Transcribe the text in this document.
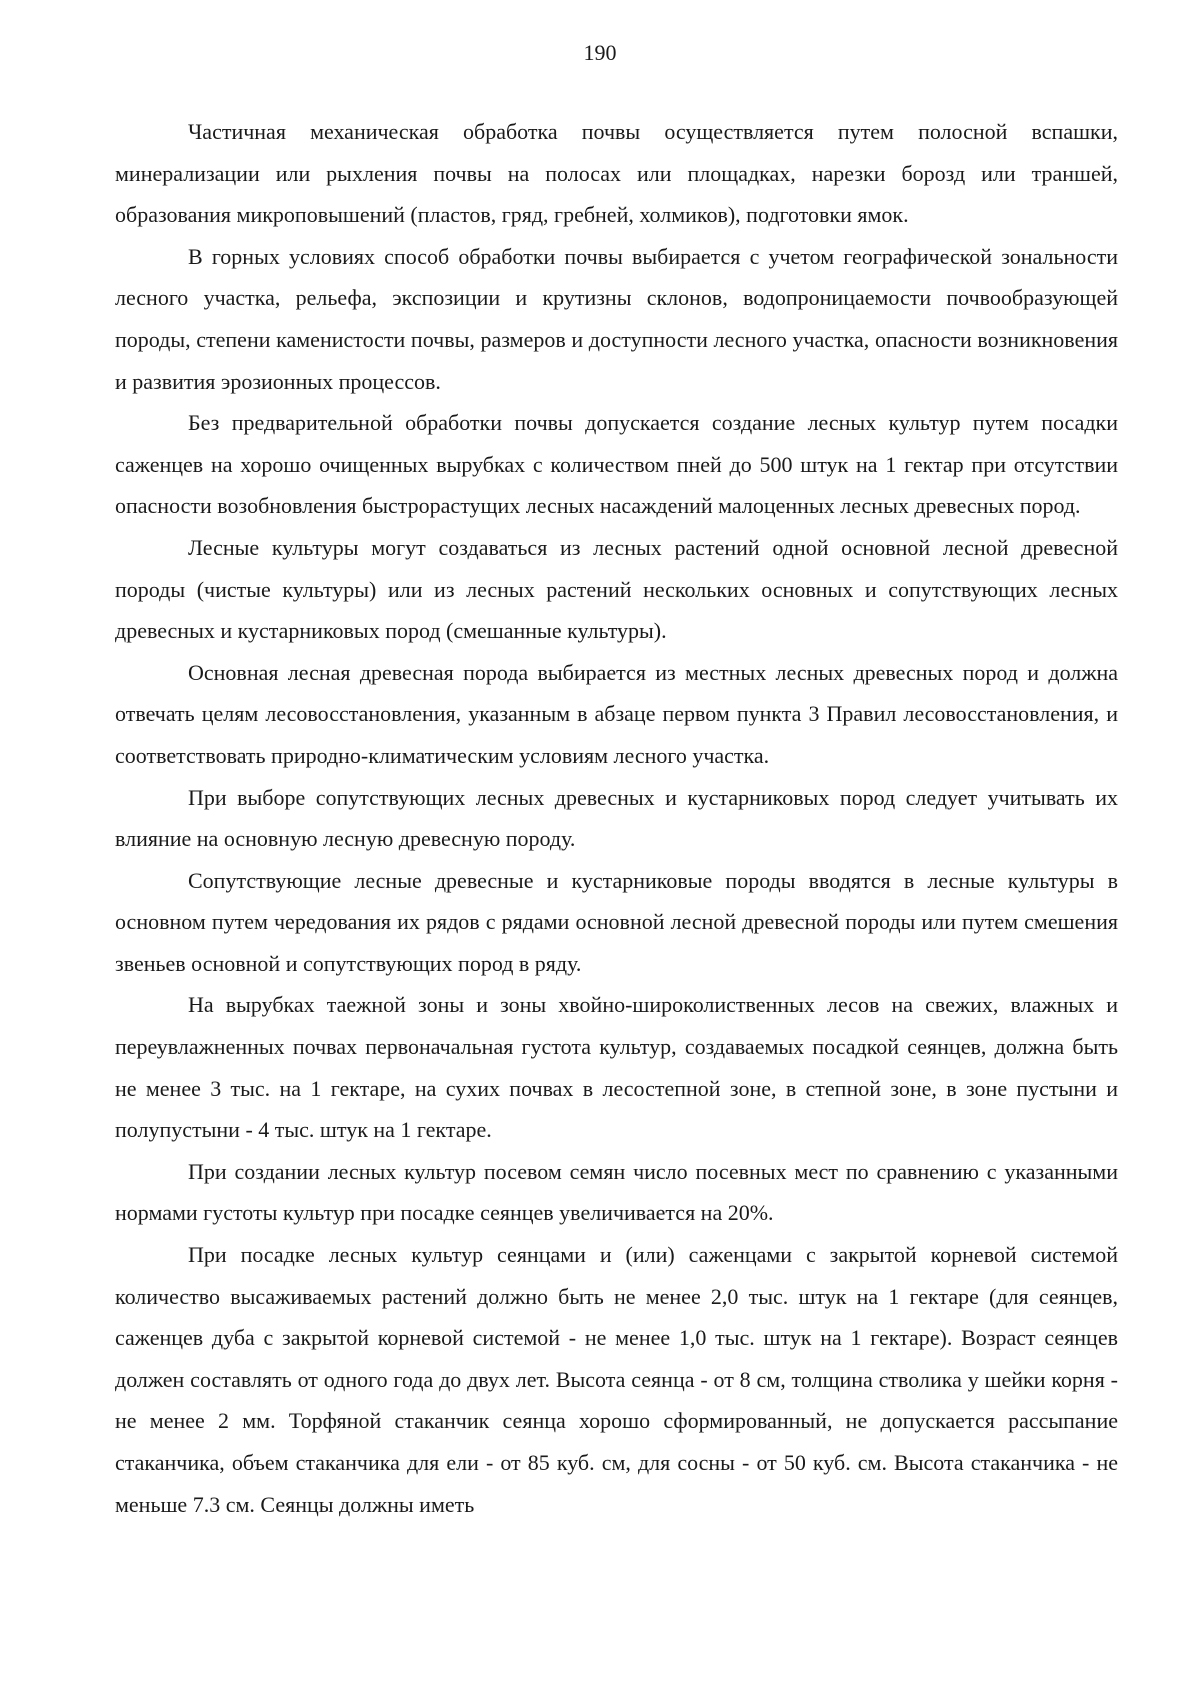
190

Частичная механическая обработка почвы осуществляется путем полосной вспашки, минерализации или рыхления почвы на полосах или площадках, нарезки борозд или траншей, образования микроповышений (пластов, гряд, гребней, холмиков), подготовки ямок.

В горных условиях способ обработки почвы выбирается с учетом географической зональности лесного участка, рельефа, экспозиции и крутизны склонов, водопроницаемости почвообразующей породы, степени каменистости почвы, размеров и доступности лесного участка, опасности возникновения и развития эрозионных процессов.

Без предварительной обработки почвы допускается создание лесных культур путем посадки саженцев на хорошо очищенных вырубках с количеством пней до 500 штук на 1 гектар при отсутствии опасности возобновления быстрорастущих лесных насаждений малоценных лесных древесных пород.

Лесные культуры могут создаваться из лесных растений одной основной лесной древесной породы (чистые культуры) или из лесных растений нескольких основных и сопутствующих лесных древесных и кустарниковых пород (смешанные культуры).

Основная лесная древесная порода выбирается из местных лесных древесных пород и должна отвечать целям лесовосстановления, указанным в абзаце первом пункта 3 Правил лесовосстановления, и соответствовать природно-климатическим условиям лесного участка.

При выборе сопутствующих лесных древесных и кустарниковых пород следует учитывать их влияние на основную лесную древесную породу.

Сопутствующие лесные древесные и кустарниковые породы вводятся в лесные культуры в основном путем чередования их рядов с рядами основной лесной древесной породы или путем смешения звеньев основной и сопутствующих пород в ряду.

На вырубках таежной зоны и зоны хвойно-широколиственных лесов на свежих, влажных и переувлажненных почвах первоначальная густота культур, создаваемых посадкой сеянцев, должна быть не менее 3 тыс. на 1 гектаре, на сухих почвах в лесостепной зоне, в степной зоне, в зоне пустыни и полупустыни - 4 тыс. штук на 1 гектаре.

При создании лесных культур посевом семян число посевных мест по сравнению с указанными нормами густоты культур при посадке сеянцев увеличивается на 20%.

При посадке лесных культур сеянцами и (или) саженцами с закрытой корневой системой количество высаживаемых растений должно быть не менее 2,0 тыс. штук на 1 гектаре (для сеянцев, саженцев дуба с закрытой корневой системой - не менее 1,0 тыс. штук на 1 гектаре). Возраст сеянцев должен составлять от одного года до двух лет. Высота сеянца - от 8 см, толщина стволика у шейки корня - не менее 2 мм. Торфяной стаканчик сеянца хорошо сформированный, не допускается рассыпание стаканчика, объем стаканчика для ели - от 85 куб. см, для сосны - от 50 куб. см. Высота стаканчика - не меньше 7.3 см. Сеянцы должны иметь
